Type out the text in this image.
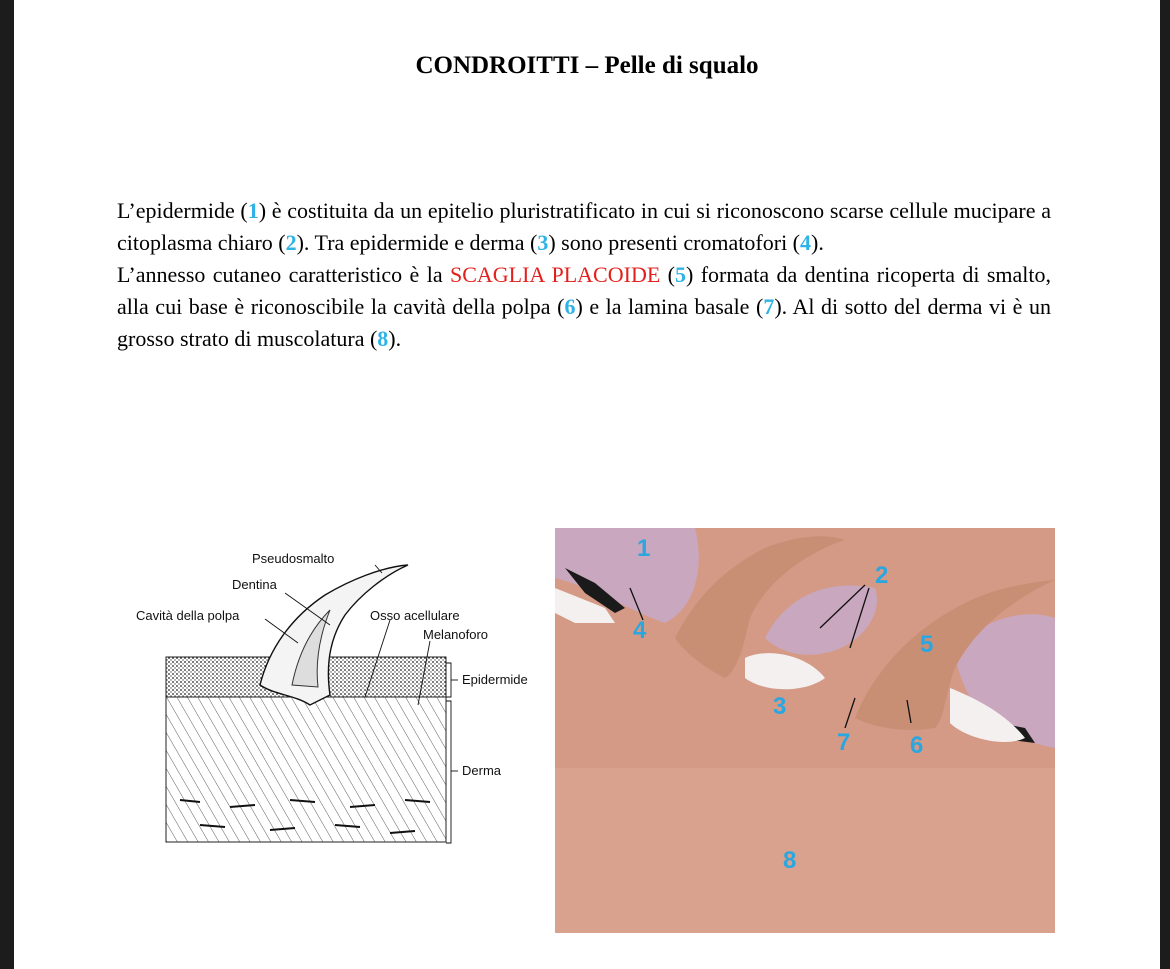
CONDROITTI – Pelle di squalo

L’epidermide (1) è costituita da un epitelio pluristratificato in cui si riconoscono scarse cellule mucipare a citoplasma chiaro (2). Tra epidermide e derma (3) sono presenti cromatofori (4).

L’annesso cutaneo caratteristico è la SCAGLIA PLACOIDE (5) formata da dentina ricoperta di smalto, alla cui base è riconoscibile la cavità della polpa (6) e la lamina basale (7). Al di sotto del derma vi è un grosso strato di muscolatura (8).

Pseudosmalto
Dentina
Cavità della polpa	Osso acellulare
Melanoforo
Epidermide
Derma
1
2
3
4
5
6
7
8
